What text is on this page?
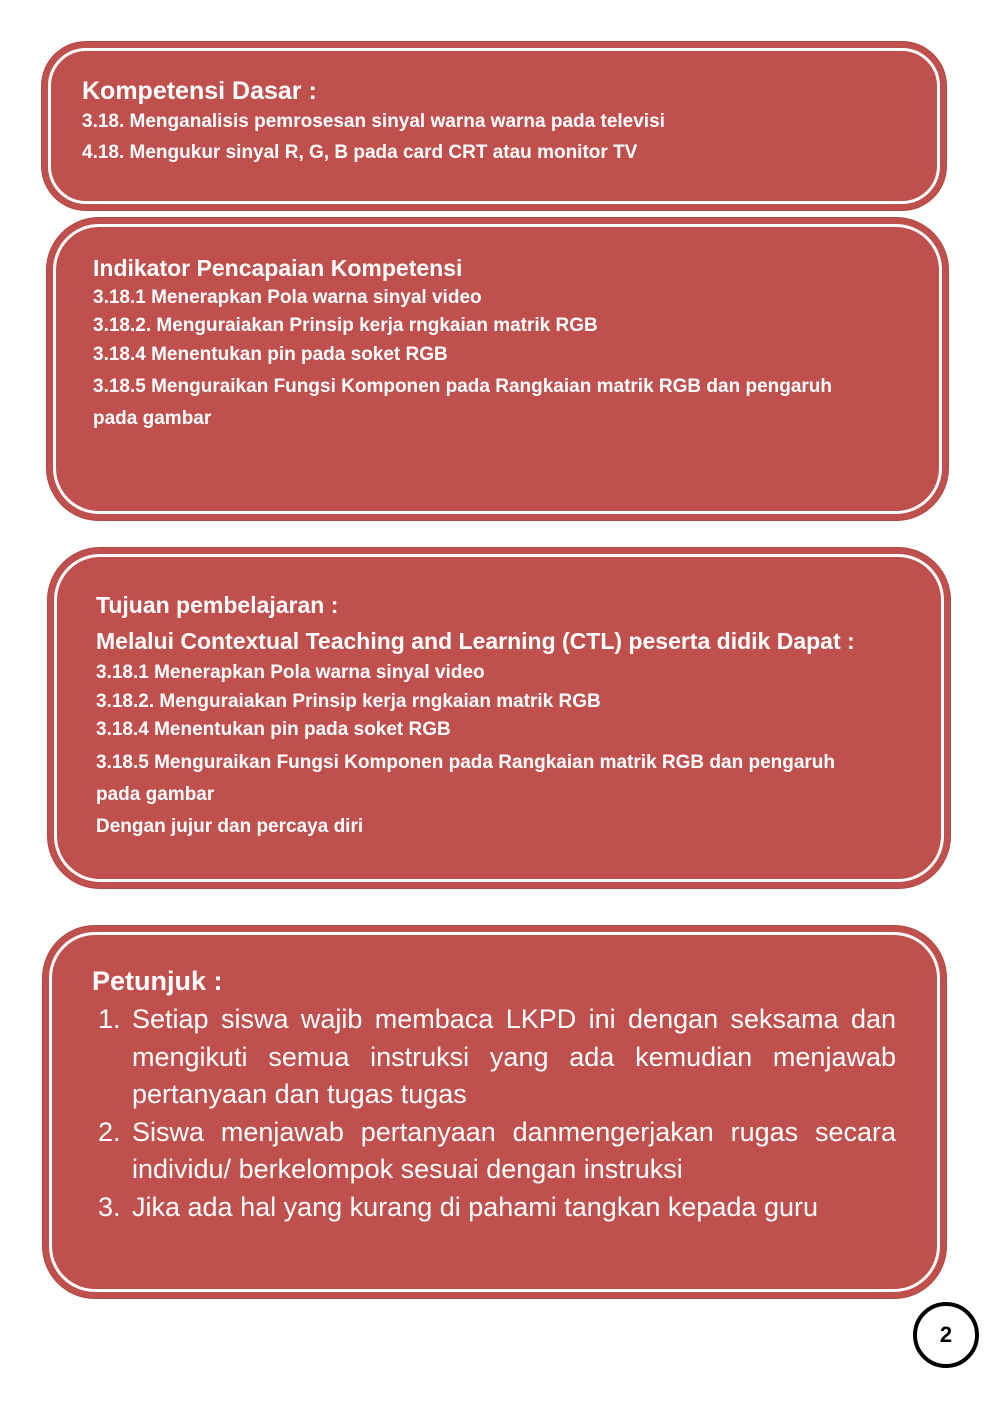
Kompetensi Dasar :
3.18. Menganalisis pemrosesan sinyal warna warna pada televisi
4.18. Mengukur sinyal R, G, B pada card CRT atau monitor TV
Indikator Pencapaian Kompetensi
3.18.1 Menerapkan Pola warna sinyal video
3.18.2. Menguraiakan Prinsip kerja rngkaian matrik RGB
3.18.4 Menentukan pin pada soket RGB
3.18.5 Menguraikan Fungsi Komponen pada Rangkaian matrik RGB dan pengaruh
pada gambar
Tujuan pembelajaran :
Melalui Contextual Teaching and Learning (CTL) peserta didik Dapat :
3.18.1 Menerapkan Pola warna sinyal video
3.18.2. Menguraiakan Prinsip kerja rngkaian matrik RGB
3.18.4 Menentukan pin pada soket RGB
3.18.5 Menguraikan Fungsi Komponen pada Rangkaian matrik RGB dan pengaruh
pada gambar
Dengan jujur dan percaya diri
Petunjuk :
1. Setiap siswa wajib membaca LKPD ini dengan seksama dan mengikuti semua instruksi yang ada kemudian menjawab pertanyaan dan tugas tugas
2. Siswa menjawab pertanyaan danmengerjakan rugas secara individu/ berkelompok sesuai dengan instruksi
3. Jika ada hal yang kurang di pahami tangkan kepada guru
2
